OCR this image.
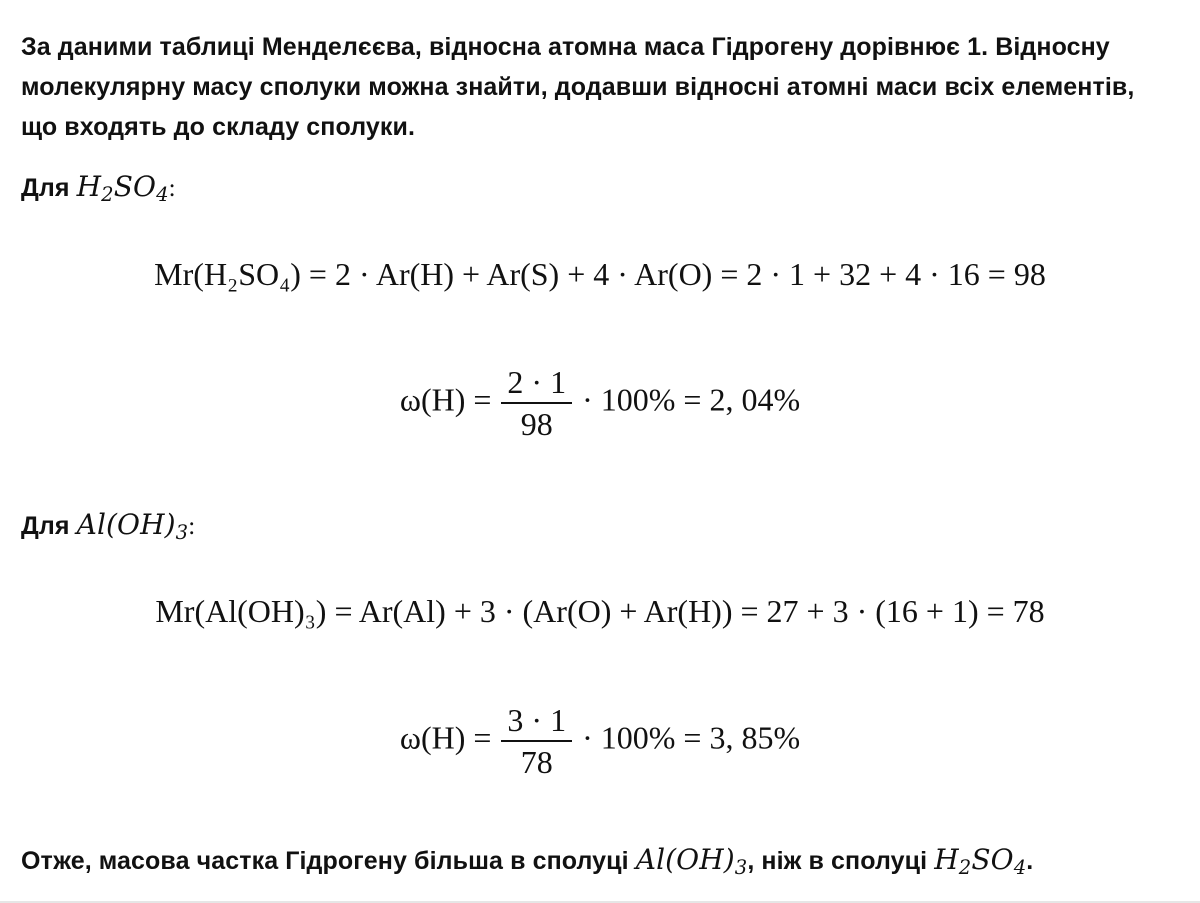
За даними таблиці Менделєєва, відносна атомна маса Гідрогену дорівнює 1. Відносну
молекулярну масу сполуки можна знайти, додавши відносні атомні маси всіх елементів,
що входять до складу сполуки.
Для $H_2SO_4$:
Mr(H₂SO₄) = 2 · Ar(H) + Ar(S) + 4 · Ar(O) = 2 · 1 + 32 + 4 · 16 = 98
$\omega(H) = \frac{2 \cdot 1}{98} \cdot 100\% = 2$, 04%
Для $Al(OH)_3$:
Mr(Al(OH)₃) = Ar(Al) + 3 · (Ar(O) + Ar(H)) = 27 + 3 · (16 + 1) = 78
$\omega(H) = \frac{3 \cdot 1}{78} \cdot 100\% = 3$, 85%
Отже, масова частка Гідрогену більша в сполуці $Al(OH)_3$, ніж в сполуці $H_2SO_4$.
